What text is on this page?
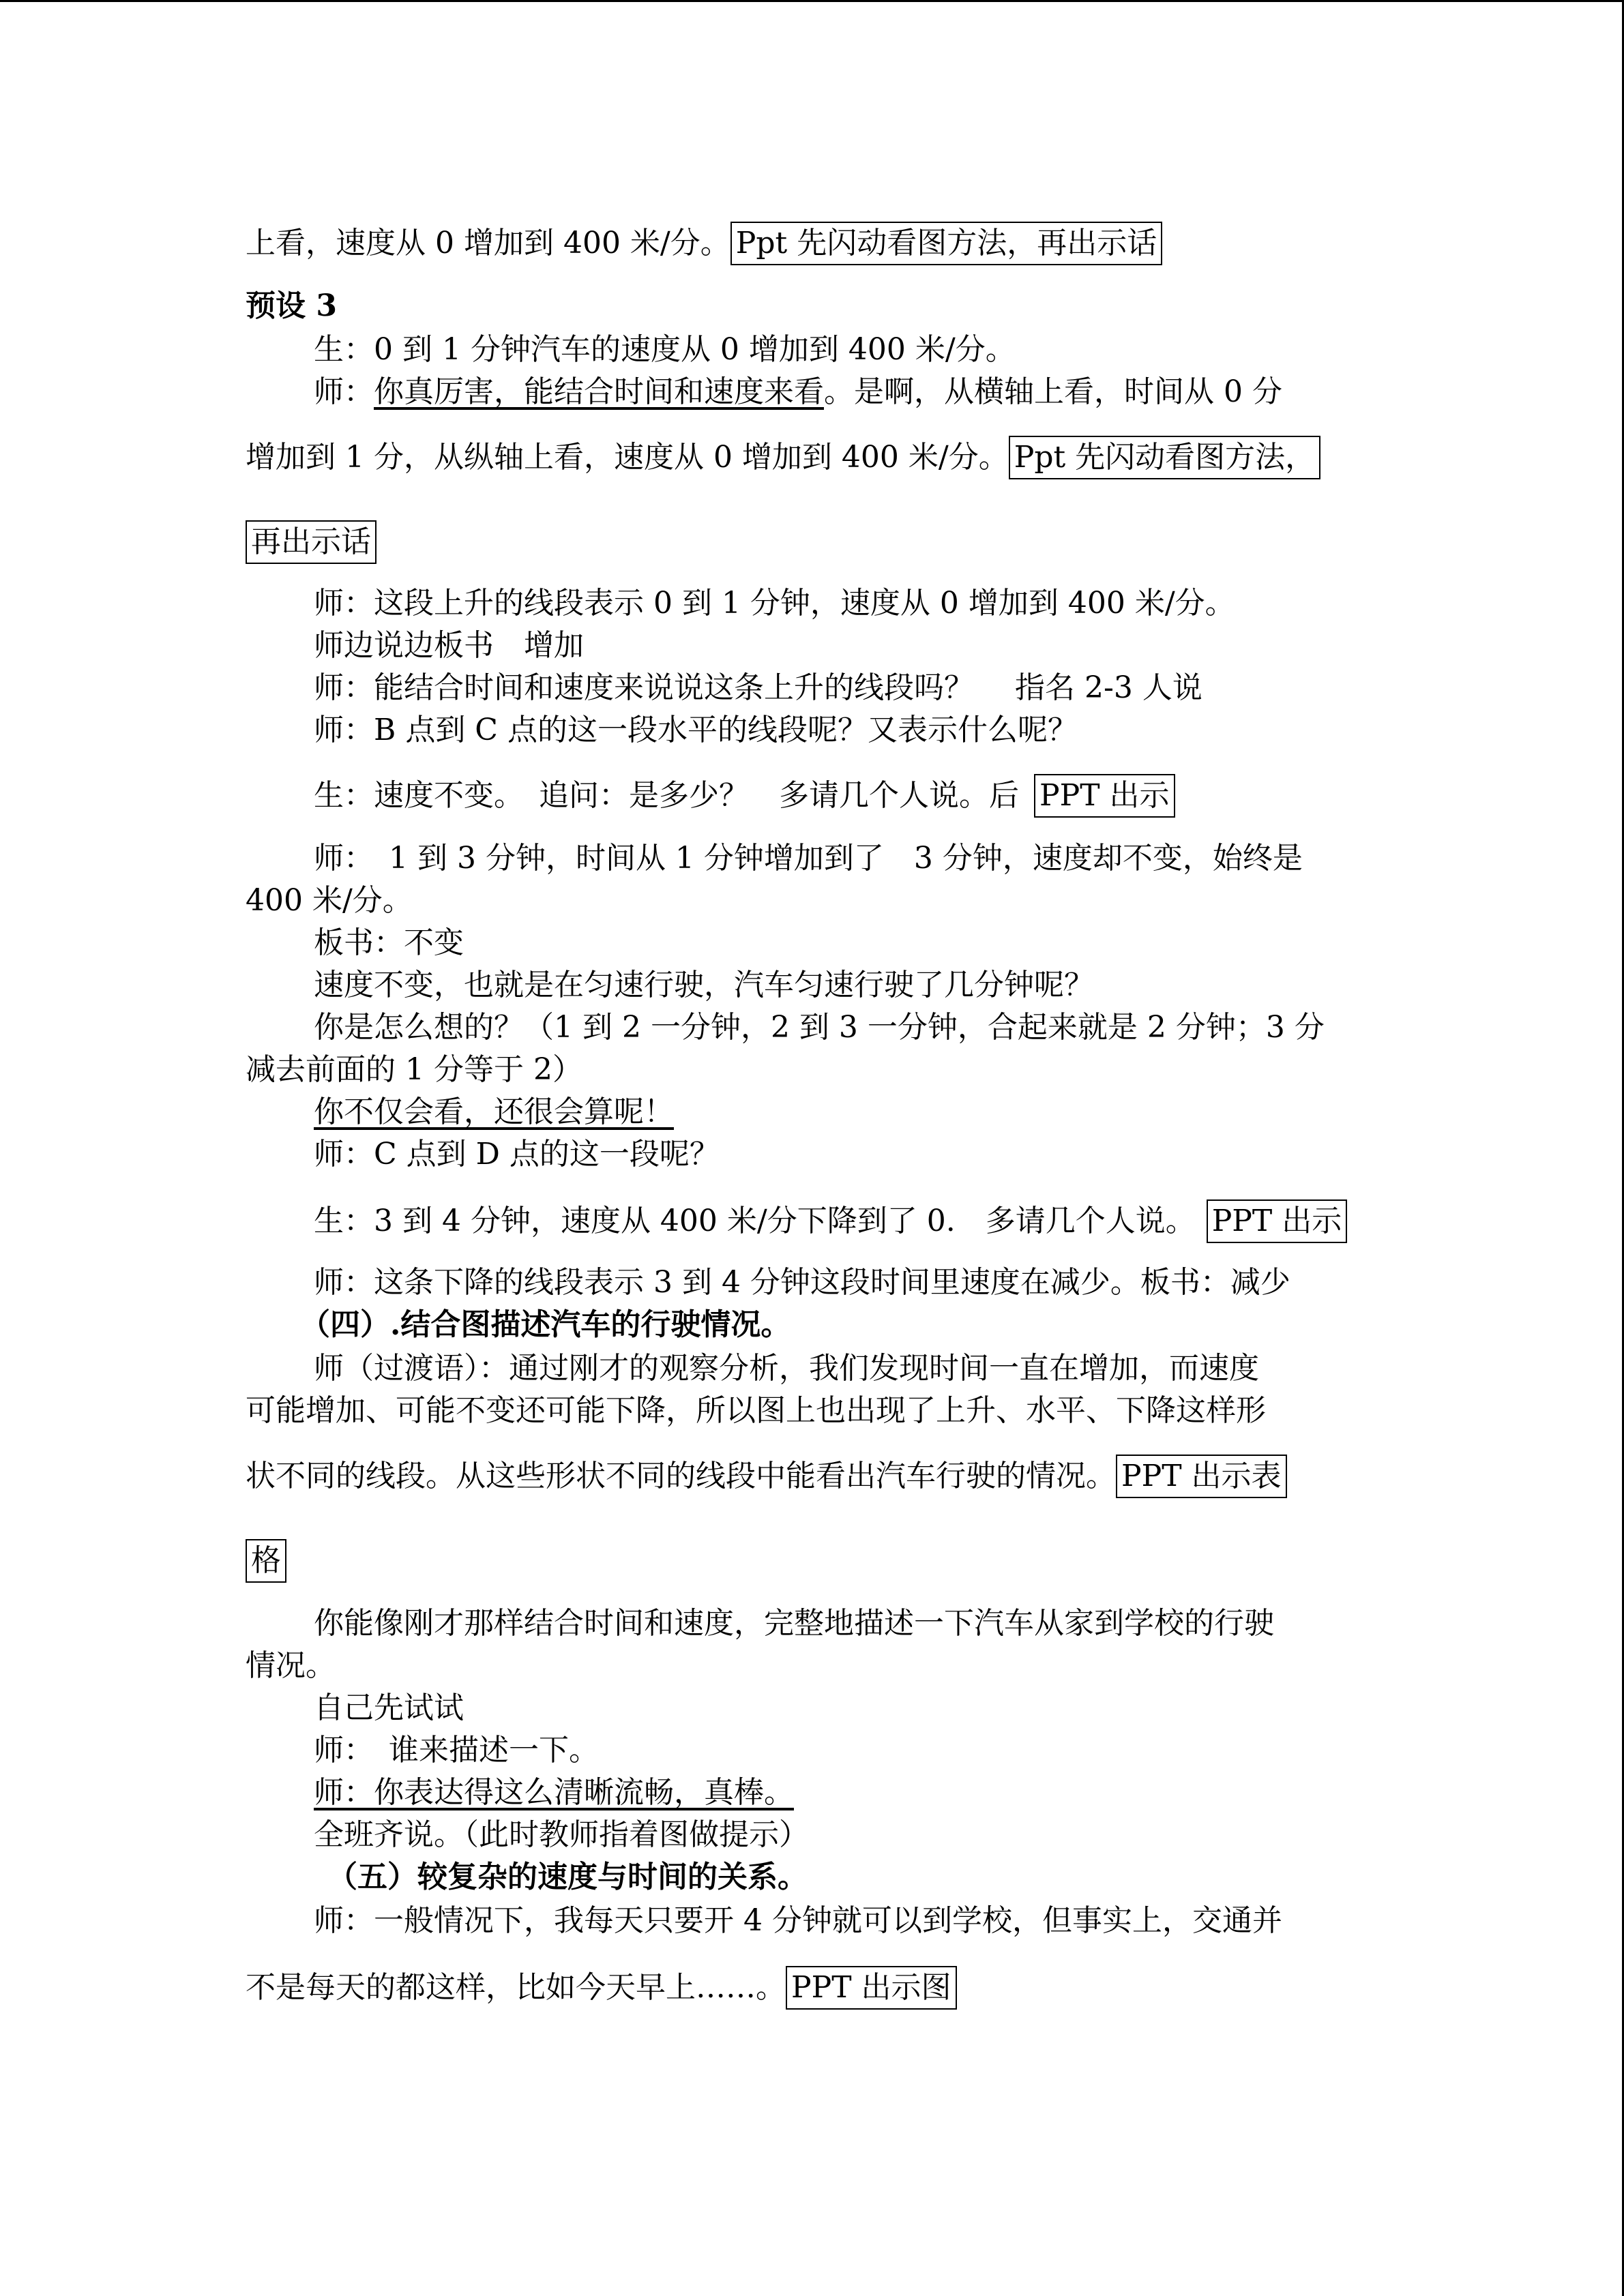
上看，速度从 0 增加到 400 米/分。 Ppt 先闪动看图方法，再出示话
预设 3
生：0 到 1 分钟汽车的速度从 0 增加到 400 米/分。
师：你真厉害，能结合时间和速度来看。是啊，从横轴上看，时间从 0 分
增加到 1 分，从纵轴上看，速度从 0 增加到 400 米/分。 Ppt 先闪动看图方法，
再出示话
师：这段上升的线段表示 0 到 1 分钟，速度从 0 增加到 400 米/分。
师边说边板书　增加
师：能结合时间和速度来说说这条上升的线段吗？ 指名 2-3 人说
师：B 点到 C 点的这一段水平的线段呢？又表示什么呢？
生：速度不变。　追问：是多少？　多请几个人说。后 PPT 出示
师：　1 到 3 分钟，时间从 1 分钟增加到了　3 分钟，速度却不变，始终是
400 米/分。
板书：不变
速度不变，也就是在匀速行驶，汽车匀速行驶了几分钟呢？
你是怎么想的？（1 到 2 一分钟，2 到 3 一分钟，合起来就是 2 分钟；3 分
减去前面的 1 分等于 2）
你不仅会看，还很会算呢！
师：C 点到 D 点的这一段呢？
生：3 到 4 分钟，速度从 400 米/分下降到了 0.　多请几个人说。 PPT 出示
师：这条下降的线段表示 3 到 4 分钟这段时间里速度在减少。板书：减少
（四）.结合图描述汽车的行驶情况。
师（过渡语）：通过刚才的观察分析，我们发现时间一直在增加，而速度
可能增加、可能不变还可能下降，所以图上也出现了上升、水平、下降这样形
状不同的线段。从这些形状不同的线段中能看出汽车行驶的情况。 PPT 出示表
格
你能像刚才那样结合时间和速度，完整地描述一下汽车从家到学校的行驶
情况。
自己先试试
师：　谁来描述一下。
师：你表达得这么清晰流畅，真棒。
全班齐说。（此时教师指着图做提示）
（五）较复杂的速度与时间的关系。
师：一般情况下，我每天只要开 4 分钟就可以到学校，但事实上，交通并
不是每天的都这样，比如今天早上……。 PPT 出示图
